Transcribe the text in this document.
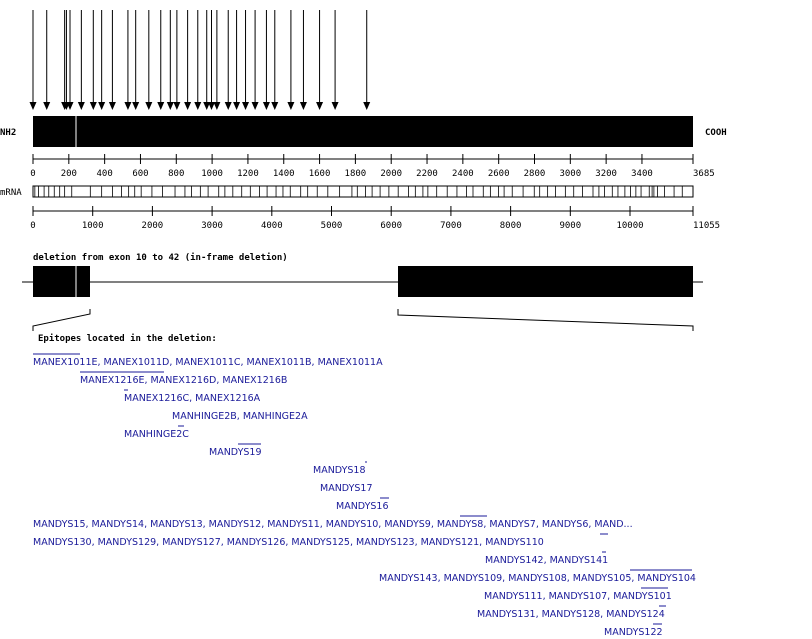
NH2	COOH
0	200 400 600 800 1000 1200 1400 1600 1800 2000 2200 2400 2600 2800 3000 3200 3400	3685
mRNA
0	1000	2000	3000	4000	5000	6000	7000	8000	9000	10000	11055
deletion from exon 10 to 42 (in-frame deletion)
Epitopes located in the deletion:
MANEX1011E, MANEX1011D, MANEX1011C, MANEX1011B, MANEX1011A
MANEX1216E, MANEX1216D, MANEX1216B
MANEX1216C, MANEX1216A
MANHINGE2B, MANHINGE2A
MANHINGE2C
MANDYS19
MANDYS18
MANDYS17
MANDYS16
MANDYS15, MANDYS14, MANDYS13, MANDYS12, MANDYS11, MANDYS10, MANDYS9, MANDYS8, MANDYS7, MANDYS6, MAND...
MANDYS130, MANDYS129, MANDYS127, MANDYS126, MANDYS125, MANDYS123, MANDYS121, MANDYS110
MANDYS142, MANDYS141
MANDYS143, MANDYS109, MANDYS108, MANDYS105, MANDYS104
MANDYS111, MANDYS107, MANDYS101
MANDYS131, MANDYS128, MANDYS124
MANDYS122
